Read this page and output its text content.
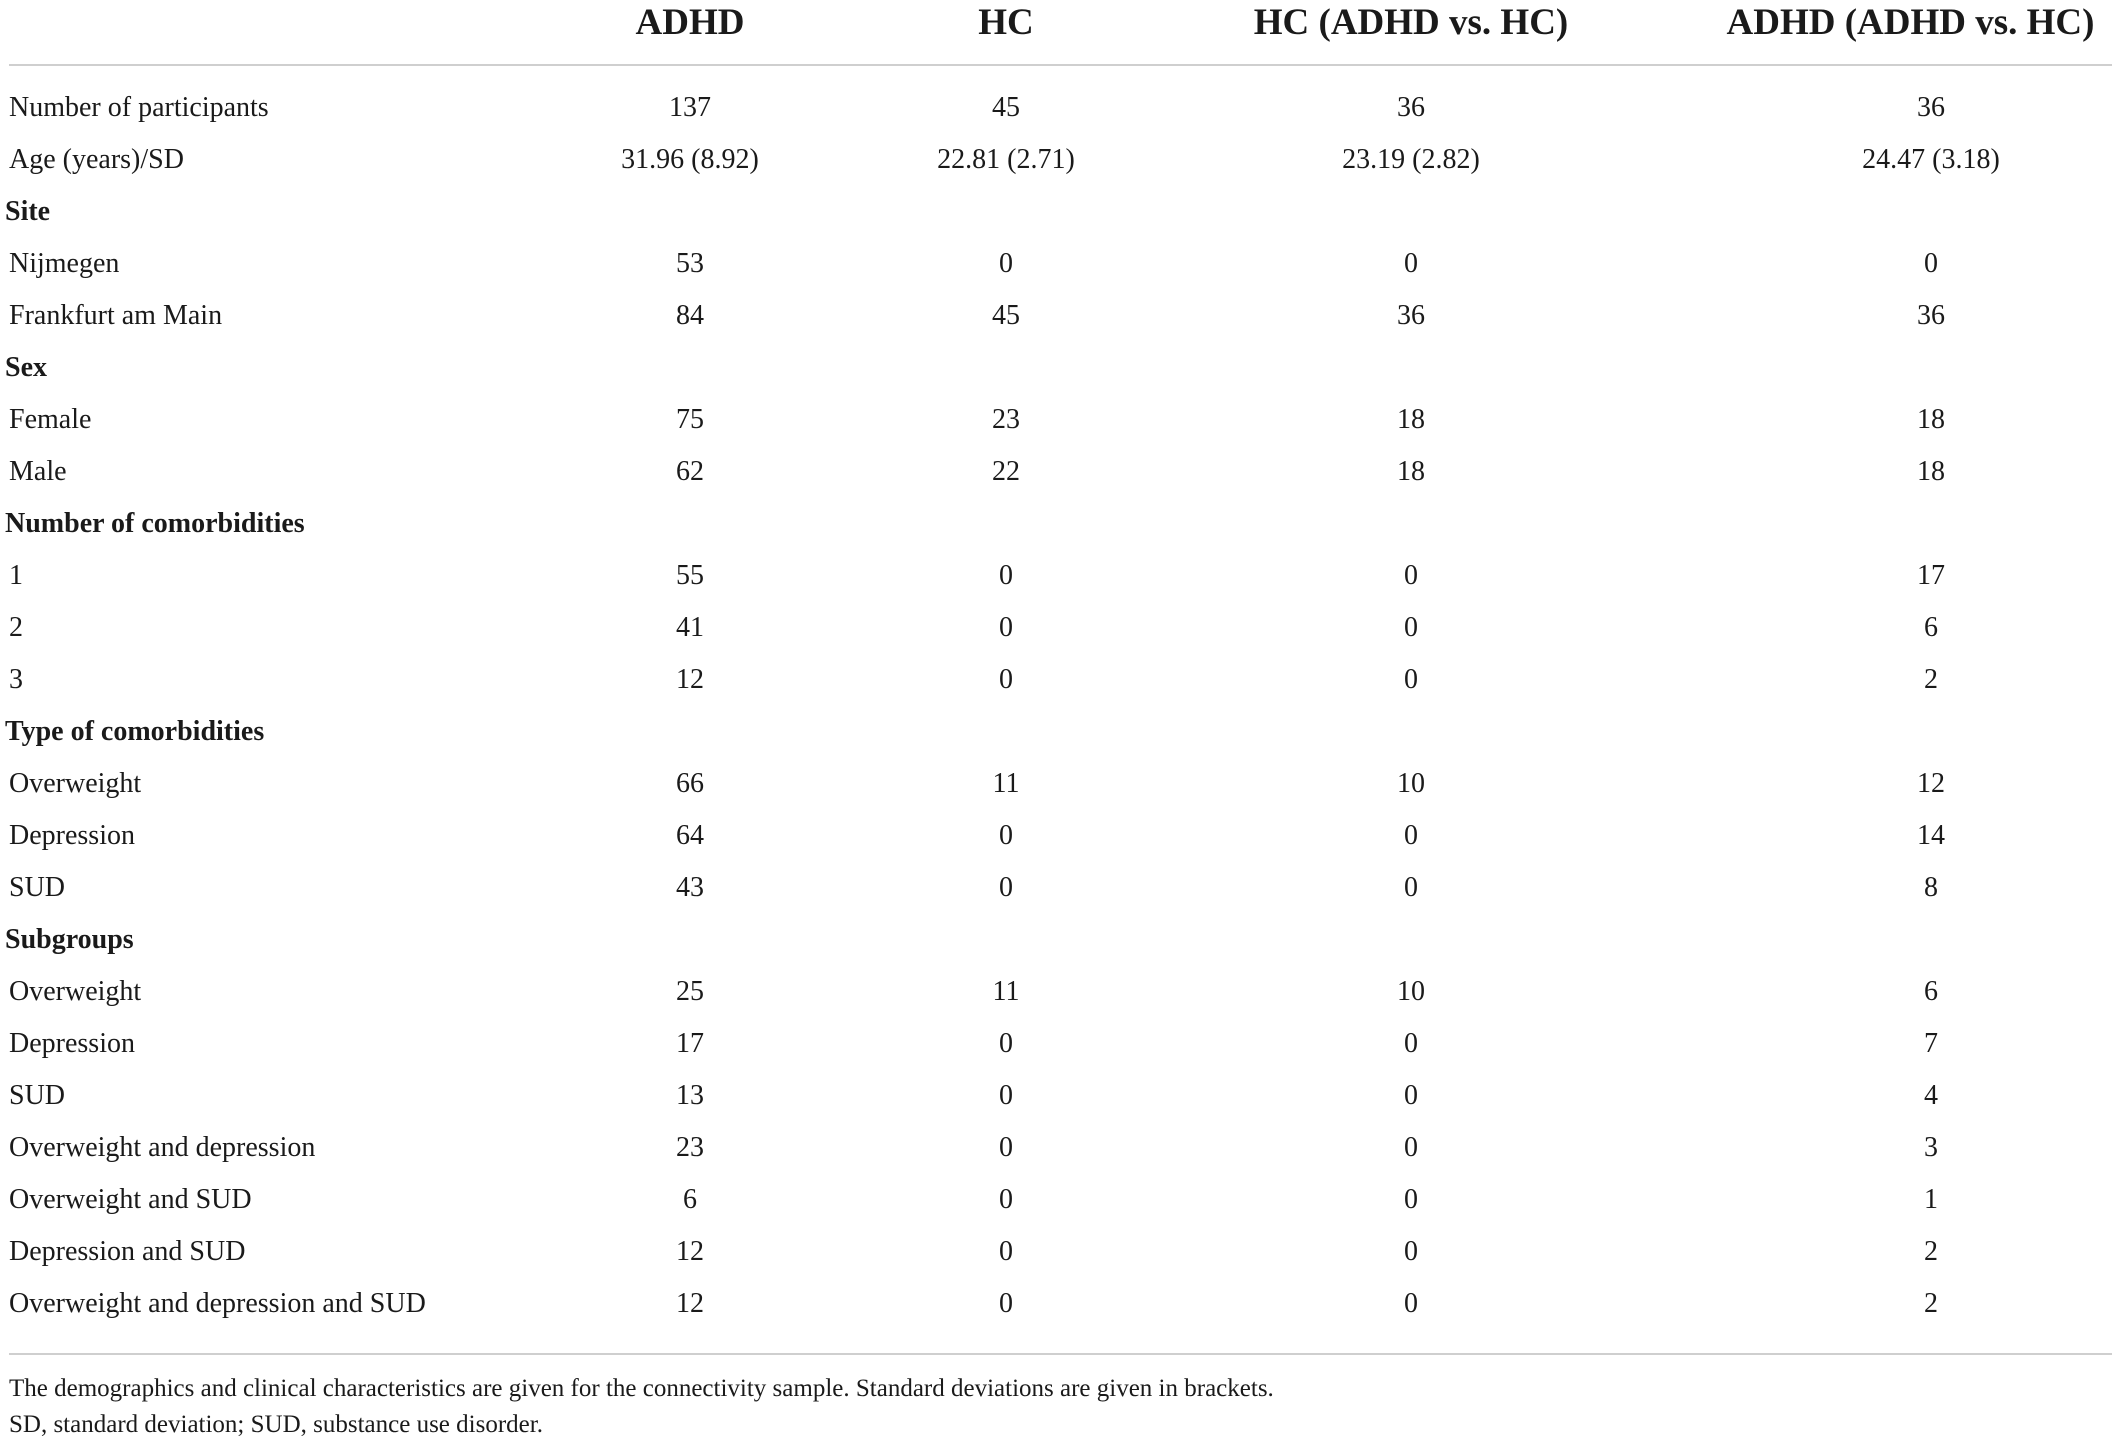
ADHD	HC	HC (ADHD vs. HC)	ADHD (ADHD vs. HC)
Number of participants	137	45	36	36
Age (years)/SD	31.96 (8.92)	22.81 (2.71)	23.19 (2.82)	24.47 (3.18)
Site
Nijmegen	53	0	0	0
Frankfurt am Main	84	45	36	36
Sex
Female	75	23	18	18
Male	62	22	18	18
Number of comorbidities
1	55	0	0	17
2	41	0	0	6
3	12	0	0	2
Type of comorbidities
Overweight	66	11	10	12
Depression	64	0	0	14
SUD	43	0	0	8
Subgroups
Overweight	25	11	10	6
Depression	17	0	0	7
SUD	13	0	0	4
Overweight and depression	23	0	0	3
Overweight and SUD	6	0	0	1
Depression and SUD	12	0	0	2
Overweight and depression and SUD	12	0	0	2
The demographics and clinical characteristics are given for the connectivity sample. Standard deviations are given in brackets.
SD, standard deviation; SUD, substance use disorder.
